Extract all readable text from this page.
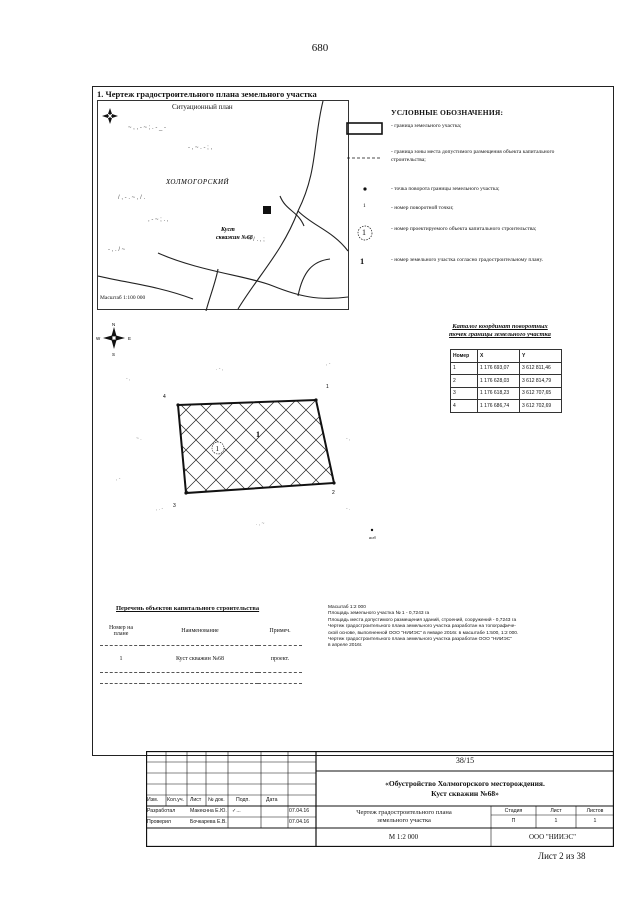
680
1. Чертеж градостроительного плана земельного участка
~ , , - ~ ; . - _ -
- , ~ . - ; ,
/ , - . ~ , / .
, - ~ ; . ,
~ / . , ;
- , . / ~
ХОЛМОГОРСКИЙ
Куст
скважин №68
Ситуационный план
Масштаб 1:100 000
УСЛОВНЫЕ ОБОЗНАЧЕНИЯ:
- граница земельного участка;
- граница зоны места допустимого размещения объекта капитального строительства;
- точка поворота границы земельного участка;
1	- номер поворотной точки;
1	- номер проектируемого объекта капитального строительства;
1	- номер земельного участка согласно градостроительному плану.
N
E
S
W
- ,
. - ,
, -
~ .	- ,
, . -
. , ~
- .
, -
4
1
3
2
1
1
аоб
Каталог координат поворотных
точек границы земельного участка
Номер	X	Y
1	1 176 693,07	3 612 811,46
2	1 176 628,03	3 612 814,79
3	1 176 618,23	3 612 707,65
4	1 176 686,74	3 612 702,69
Перечень объектов капитального строительства
Номер на плане	Наименование	Примеч.
1	Куст скважин №68	проект.

Масштаб 1:2 000
Площадь земельного участка № 1 - 0,7243 га
Площадь места допустимого размещения зданий, строений, сооружений - 0,7243 га
Чертеж градостроительного плана земельного участка разработан на топографиче-
ской основе, выполненной ООО "НИИЭС" в январе 2016г. в масштабе 1:500, 1:2 000.
Чертеж градостроительного плана земельного участка разработан ООО "НИИЭС"
в апреле 2016г.
38/15
«Обустройство Холмогорского месторождения.
Куст скважин №68»
Изм. Кол.уч. Лист № док. Подп.	Дата
Разработал	Макеєнна Е.Ю. ✓...	07.04.16
Проверил	Бочкарева Е.В.	07.04.16
Чертеж градостроительного плана
земельного участка
Стадия	Лист	Листов
П	1	1
М 1:2 000	ООО "НИИЭС"
Лист 2 из 38
